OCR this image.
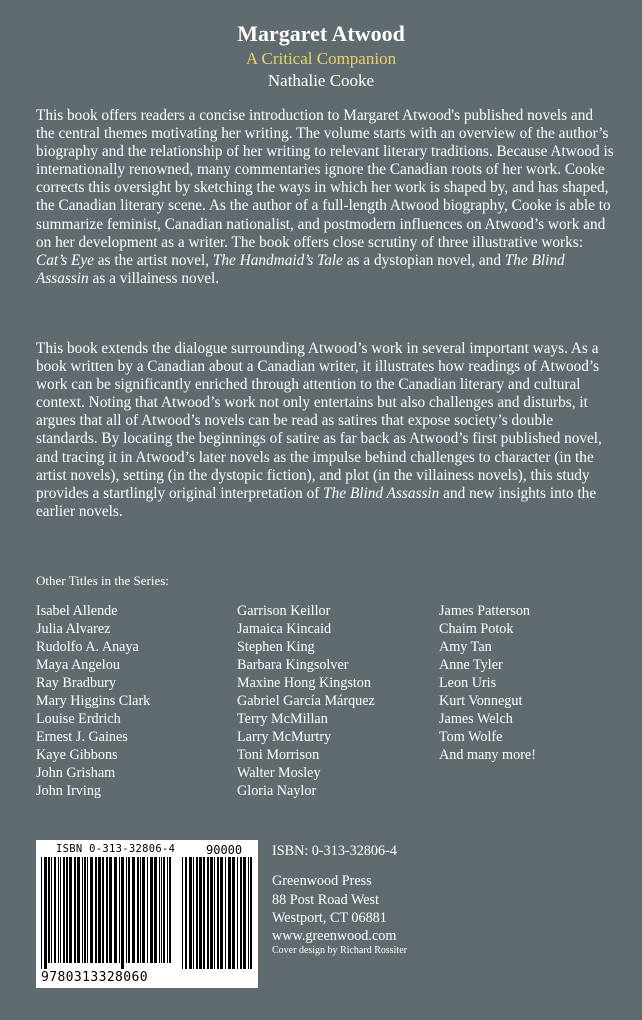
Margaret Atwood
A Critical Companion
Nathalie Cooke

This book offers readers a concise introduction to Margaret Atwood's published novels and the central themes motivating her writing. The volume starts with an overview of the author’s biography and the relationship of her writing to relevant literary traditions. Because Atwood is internationally renowned, many commentaries ignore the Canadian roots of her work. Cooke corrects this oversight by sketching the ways in which her work is shaped by, and has shaped, the Canadian literary scene. As the author of a full-length Atwood biography, Cooke is able to summarize feminist, Canadian nationalist, and postmodern influences on Atwood’s work and on her development as a writer. The book offers close scrutiny of three illustrative works: Cat’s Eye as the artist novel, The Handmaid’s Tale as a dystopian novel, and The Blind Assassin as a villainess novel.

This book extends the dialogue surrounding Atwood’s work in several important ways. As a book written by a Canadian about a Canadian writer, it illustrates how readings of Atwood’s work can be significantly enriched through attention to the Canadian literary and cultural context. Noting that Atwood’s work not only entertains but also challenges and disturbs, it argues that all of Atwood’s novels can be read as satires that expose society’s double standards. By locating the beginnings of satire as far back as Atwood’s first published novel, and tracing it in Atwood’s later novels as the impulse behind challenges to character (in the artist novels), setting (in the dystopic fiction), and plot (in the villainess novels), this study provides a startlingly original interpretation of The Blind Assassin and new insights into the earlier novels.

Other Titles in the Series:
Isabel Allende
Julia Alvarez
Rudolfo A. Anaya
Maya Angelou
Ray Bradbury
Mary Higgins Clark
Louise Erdrich
Ernest J. Gaines
Kaye Gibbons
John Grisham
John Irving
Garrison Keillor
Jamaica Kincaid
Stephen King
Barbara Kingsolver
Maxine Hong Kingston
Gabriel García Márquez
Terry McMillan
Larry McMurtry
Toni Morrison
Walter Mosley
Gloria Naylor
James Patterson
Chaim Potok
Amy Tan
Anne Tyler
Leon Uris
Kurt Vonnegut
James Welch
Tom Wolfe
And many more!
ISBN 0-313-32806-4	90000
9780313328060
ISBN: 0-313-32806-4
Greenwood Press
88 Post Road West
Westport, CT 06881
www.greenwood.com
Cover design by Richard Rossiter
